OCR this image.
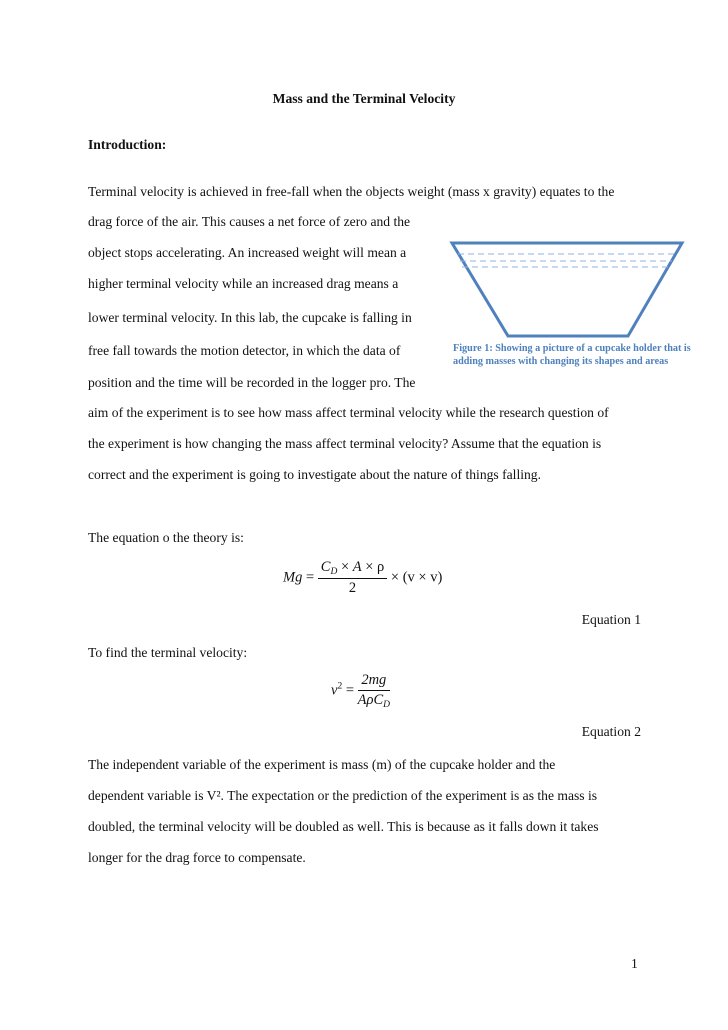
Mass and the Terminal Velocity
Introduction:
Terminal velocity is achieved in free-fall when the objects weight (mass x gravity) equates to the
drag force of the air. This causes a net force of zero and the
object stops accelerating. An increased weight will mean a
higher terminal velocity while an increased drag means a
lower terminal velocity. In this lab, the cupcake is falling in
free fall towards the motion detector, in which the data of
position and the time will be recorded in the logger pro. The
aim of the experiment is to see how mass affect terminal velocity while the research question of
the experiment is how changing the mass affect terminal velocity? Assume that the equation is
correct and the experiment is going to investigate about the nature of things falling.
Figure 1: Showing a picture of a cupcake holder that is adding masses with changing its shapes and areas
The equation o the theory is:
$Mg = \frac{C_D \times A \times \rho}{2} \times (v \times v)$
Equation 1
To find the terminal velocity:
$v^2 = \frac{2mg}{A\rho C_D}$
Equation 2
The independent variable of the experiment is mass (m) of the cupcake holder and the
dependent variable is V². The expectation or the prediction of the experiment is as the mass is
doubled, the terminal velocity will be doubled as well. This is because as it falls down it takes
longer for the drag force to compensate.
1
